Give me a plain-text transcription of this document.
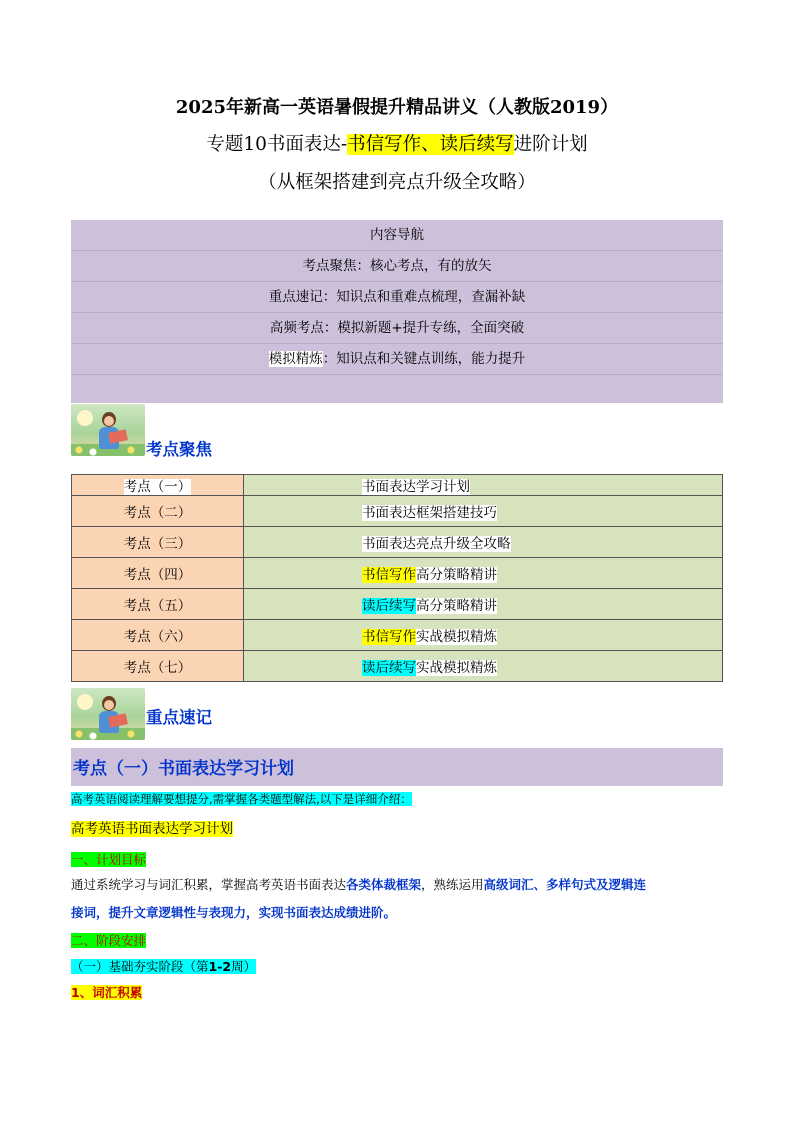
2025年新高一英语暑假提升精品讲义（人教版2019）
专题10书面表达-书信写作、读后续写进阶计划
（从框架搭建到亮点升级全攻略）
内容导航
考点聚焦：核心考点，有的放矢
重点速记：知识点和重难点梳理，查漏补缺
高频考点：模拟新题+提升专练，全面突破
模拟精炼：知识点和关键点训练，能力提升
考点聚焦
考点（一）	书面表达学习计划
考点（二）	书面表达框架搭建技巧
考点（三）	书面表达亮点升级全攻略
考点（四）	书信写作高分策略精讲
考点（五）	读后续写高分策略精讲
考点（六）	书信写作实战模拟精炼
考点（七）	读后续写实战模拟精炼
重点速记
考点（一）书面表达学习计划
高考英语阅读理解要想提分,需掌握各类题型解法,以下是详细介绍：
高考英语书面表达学习计划
一、计划目标
通过系统学习与词汇积累，掌握高考英语书面表达各类体裁框架，熟练运用高级词汇、多样句式及逻辑连
接词，提升文章逻辑性与表现力，实现书面表达成绩进阶。
二、阶段安排
（一）基础夯实阶段（第1-2周）
1、词汇积累
